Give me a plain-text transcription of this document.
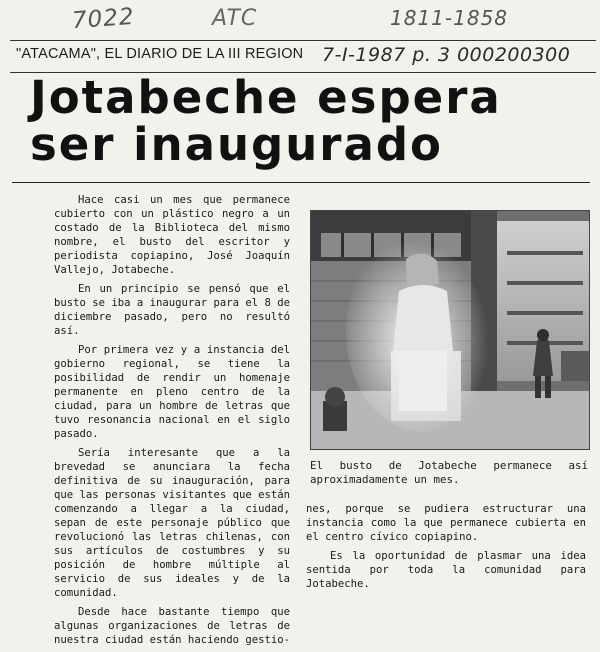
7022	ATC	1811-1858
"ATACAMA", EL DIARIO DE LA III REGION 7-I-1987 p. 3 000200300
Jotabeche espera
ser inaugurado

Hace casi un mes que permanece cubierto con un plástico negro a un costado de la Biblioteca del mismo nombre, el busto del escritor y periodista copiapino, José Joaquín Vallejo, Jotabeche.

En un principio se pensó que el busto se iba a inaugurar para el 8 de diciembre pasado, pero no resultó así.

Por primera vez y a instancia del gobierno regional, se tiene la posibilidad de rendir un homenaje permanente en pleno centro de la ciudad, para un hombre de letras que tuvo resonancia nacional en el siglo pasado.

Sería interesante que a la brevedad se anunciara la fecha definitiva de su inauguración, para que las personas visitantes que están comenzando a llegar a la ciudad, sepan de este personaje público que revolucionó las letras chilenas, con sus artículos de costumbres y su posición de hombre múltiple al servicio de sus ideales y de la comunidad.

Desde hace bastante tiempo que algunas organizaciones de letras de nuestra ciudad están haciendo gestio-

El busto de Jotabeche permanece así aproximadamente un mes.

nes, porque se pudiera estructurar una instancia como la que permanece cubierta en el centro cívico copiapino.

Es la oportunidad de plasmar una idea sentida por toda la comunidad para Jotabeche.
